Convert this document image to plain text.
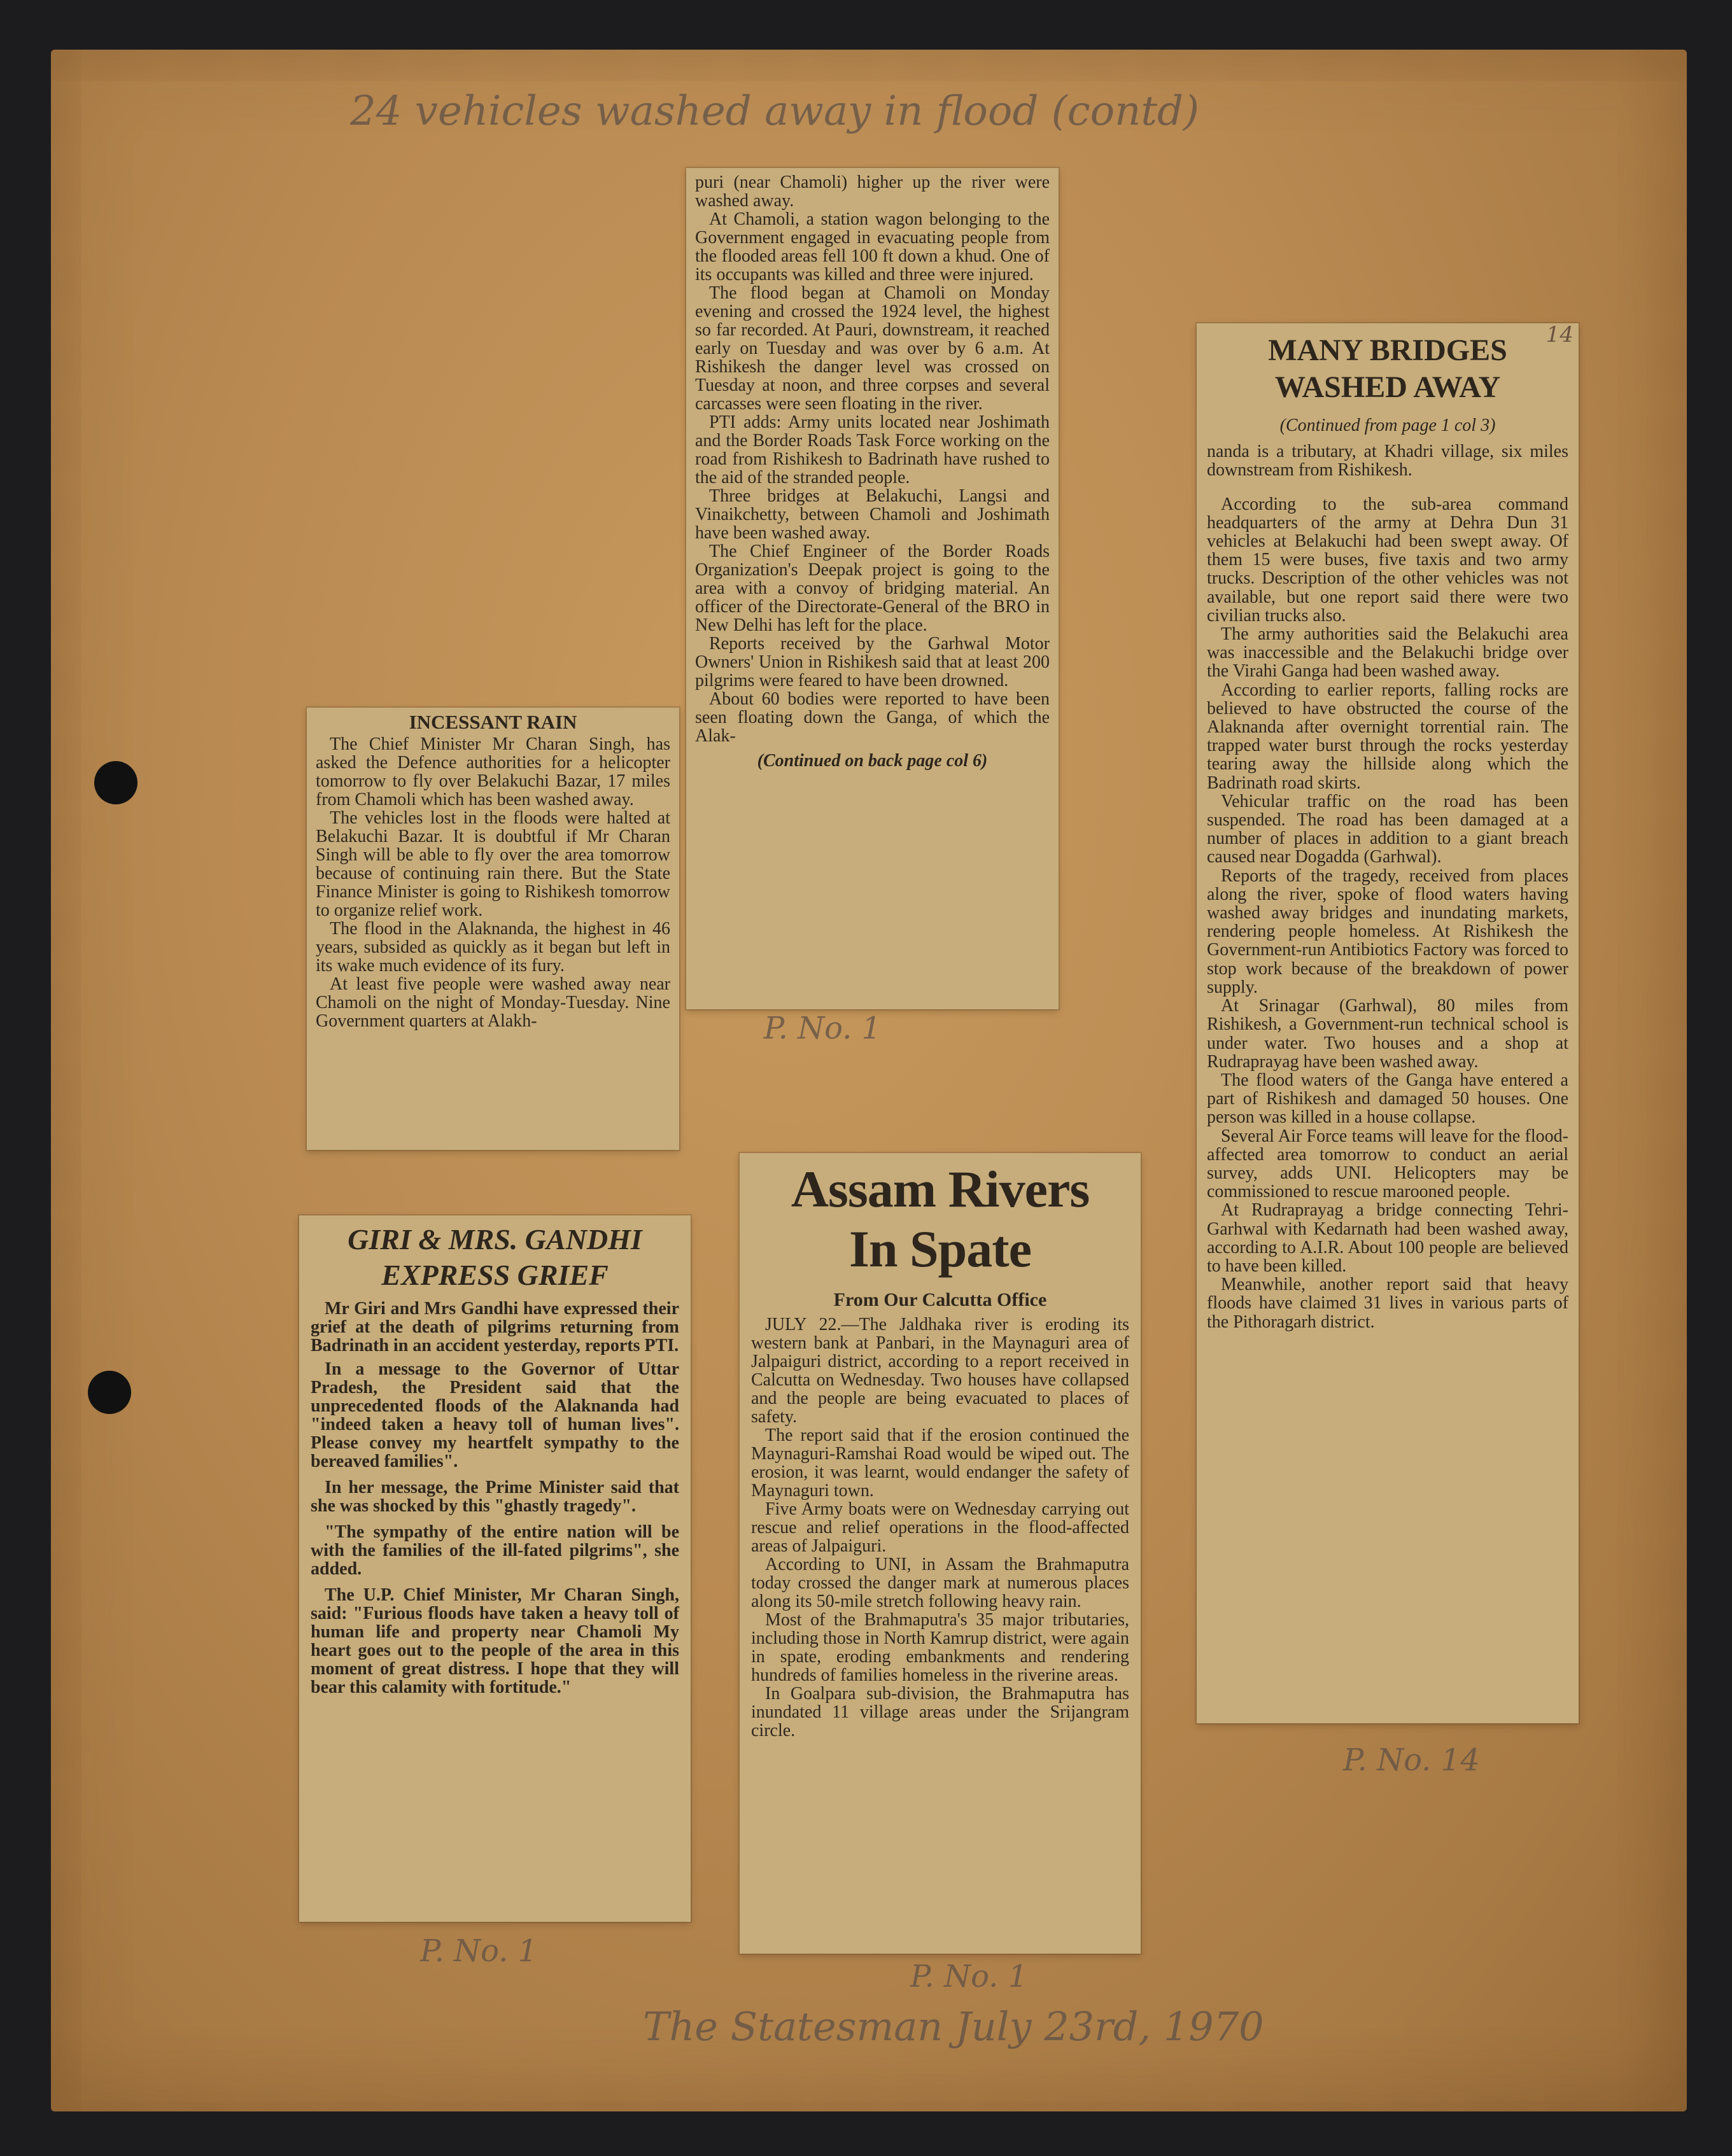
24 vehicles washed away in flood (contd)
P. No. 1
P. No. 1
P. No. 1
P. No. 14
The Statesman July 23rd, 1970

puri (near Chamoli) higher up the river were washed away.

At Chamoli, a station wagon belonging to the Government engaged in evacuating people from the flooded areas fell 100 ft down a khud. One of its occupants was killed and three were injured.

The flood began at Chamoli on Monday evening and crossed the 1924 level, the highest so far recorded. At Pauri, downstream, it reached early on Tuesday and was over by 6 a.m. At Rishikesh the danger level was crossed on Tuesday at noon, and three corpses and several carcasses were seen floating in the river.

PTI adds: Army units located near Joshimath and the Border Roads Task Force working on the road from Rishikesh to Badrinath have rushed to the aid of the stranded people.

Three bridges at Belakuchi, Langsi and Vinaikchetty, between Chamoli and Joshimath have been washed away.

The Chief Engineer of the Border Roads Organization's Deepak project is going to the area with a convoy of bridging material. An officer of the Directorate-General of the BRO in New Delhi has left for the place.

Reports received by the Garhwal Motor Owners' Union in Rishikesh said that at least 200 pilgrims were feared to have been drowned.

About 60 bodies were reported to have been seen floating down the Ganga, of which the Alak-

(Continued on back page col 6)
INCESSANT RAIN

The Chief Minister Mr Charan Singh, has asked the Defence authorities for a helicopter tomorrow to fly over Belakuchi Bazar, 17 miles from Chamoli which has been washed away.

The vehicles lost in the floods were halted at Belakuchi Bazar. It is doubtful if Mr Charan Singh will be able to fly over the area tomorrow because of continuing rain there. But the State Finance Minister is going to Rishikesh tomorrow to organize relief work.

The flood in the Alaknanda, the highest in 46 years, subsided as quickly as it began but left in its wake much evidence of its fury.

At least five people were washed away near Chamoli on the night of Monday-Tuesday. Nine Government quarters at Alakh-

MANY BRIDGES WASHED AWAY
14
(Continued from page 1 col 3)

nanda is a tributary, at Khadri village, six miles downstream from Rishikesh.

According to the sub-area command headquarters of the army at Dehra Dun 31 vehicles at Belakuchi had been swept away. Of them 15 were buses, five taxis and two army trucks. Description of the other vehicles was not available, but one report said there were two civilian trucks also.

The army authorities said the Belakuchi area was inaccessible and the Belakuchi bridge over the Virahi Ganga had been washed away.

According to earlier reports, falling rocks are believed to have obstructed the course of the Alaknanda after overnight torrential rain. The trapped water burst through the rocks yesterday tearing away the hillside along which the Badrinath road skirts.

Vehicular traffic on the road has been suspended. The road has been damaged at a number of places in addition to a giant breach caused near Dogadda (Garhwal).

Reports of the tragedy, received from places along the river, spoke of flood waters having washed away bridges and inundating markets, rendering people homeless. At Rishikesh the Government-run Antibiotics Factory was forced to stop work because of the breakdown of power supply.

At Srinagar (Garhwal), 80 miles from Rishikesh, a Government-run technical school is under water. Two houses and a shop at Rudraprayag have been washed away.

The flood waters of the Ganga have entered a part of Rishikesh and damaged 50 houses. One person was killed in a house collapse.

Several Air Force teams will leave for the flood-affected area tomorrow to conduct an aerial survey, adds UNI. Helicopters may be commissioned to rescue marooned people.

At Rudraprayag a bridge connecting Tehri-Garhwal with Kedarnath had been washed away, according to A.I.R. About 100 people are believed to have been killed.

Meanwhile, another report said that heavy floods have claimed 31 lives in various parts of the Pithoragarh district.

GIRI & MRS. GANDHI EXPRESS GRIEF

Mr Giri and Mrs Gandhi have expressed their grief at the death of pilgrims returning from Badrinath in an accident yesterday, reports PTI.

In a message to the Governor of Uttar Pradesh, the President said that the unprecedented floods of the Alaknanda had "indeed taken a heavy toll of human lives". Please convey my heartfelt sympathy to the bereaved families".

In her message, the Prime Minister said that she was shocked by this "ghastly tragedy".

"The sympathy of the entire nation will be with the families of the ill-fated pilgrims", she added.

The U.P. Chief Minister, Mr Charan Singh, said: "Furious floods have taken a heavy toll of human life and property near Chamoli My heart goes out to the people of the area in this moment of great distress. I hope that they will bear this calamity with fortitude."

Assam Rivers
In Spate
From Our Calcutta Office

JULY 22.—The Jaldhaka river is eroding its western bank at Panbari, in the Maynaguri area of Jalpaiguri district, according to a report received in Calcutta on Wednesday. Two houses have collapsed and the people are being evacuated to places of safety.

The report said that if the erosion continued the Maynaguri-Ramshai Road would be wiped out. The erosion, it was learnt, would endanger the safety of Maynaguri town.

Five Army boats were on Wednesday carrying out rescue and relief operations in the flood-affected areas of Jalpaiguri.

According to UNI, in Assam the Brahmaputra today crossed the danger mark at numerous places along its 50-mile stretch following heavy rain.

Most of the Brahmaputra's 35 major tributaries, including those in North Kamrup district, were again in spate, eroding embankments and rendering hundreds of families homeless in the riverine areas.

In Goalpara sub-division, the Brahmaputra has inundated 11 village areas under the Srijangram circle.
